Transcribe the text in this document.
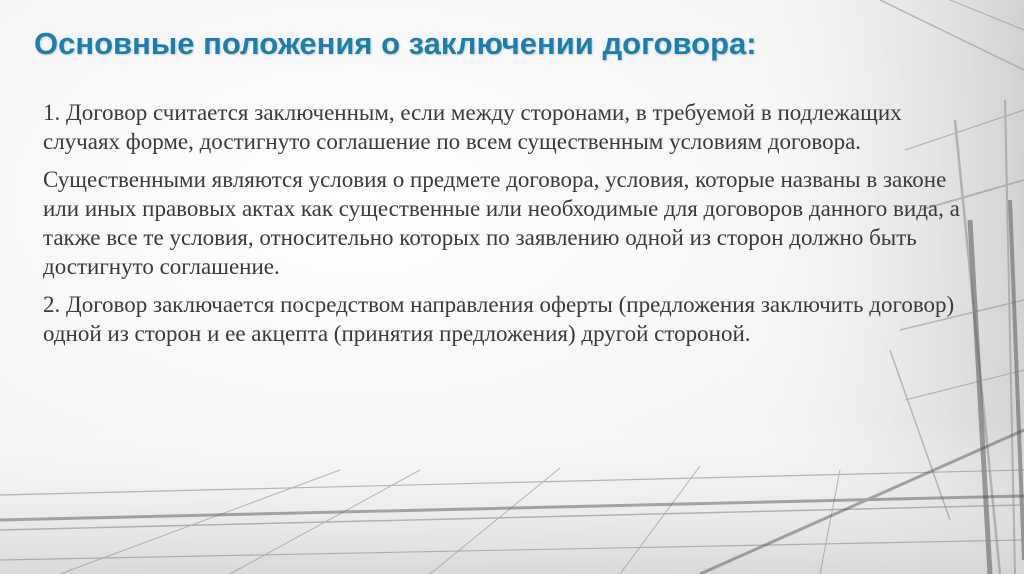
Основные положения о заключении договора:

1. Договор считается заключенным, если между сторонами, в требуемой в подлежащих случаях форме, достигнуто соглашение по всем существенным условиям договора.

Существенными являются условия о предмете договора, условия, которые названы в законе или иных правовых актах как существенные или необходимые для договоров данного вида, а также все те условия, относительно которых по заявлению одной из сторон должно быть достигнуто соглашение.

2. Договор заключается посредством направления оферты (предложения заключить договор) одной из сторон и ее акцепта (принятия предложения) другой стороной.
